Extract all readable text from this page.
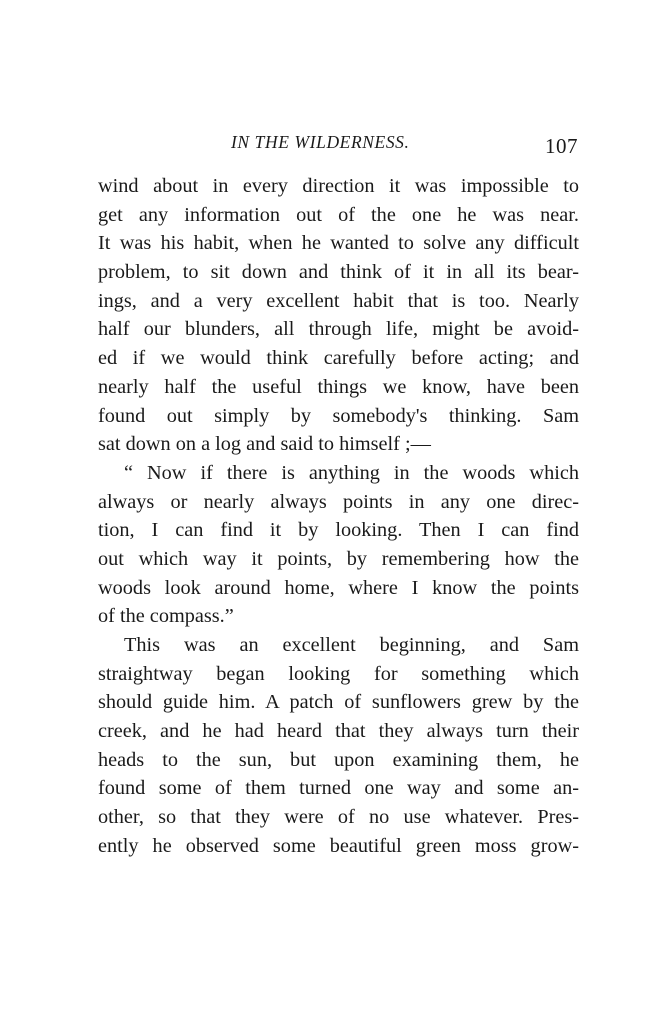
IN THE WILDERNESS.	107
wind about in every direction it was impossible to
get any information out of the one he was near.
It was his habit, when he wanted to solve any difficult
problem, to sit down and think of it in all its bear-
ings, and a very excellent habit that is too. Nearly
half our blunders, all through life, might be avoid-
ed if we would think carefully before acting; and
nearly half the useful things we know, have been
found out simply by somebody's thinking. Sam
sat down on a log and said to himself ;—
“ Now if there is anything in the woods which
always or nearly always points in any one direc-
tion, I can find it by looking. Then I can find
out which way it points, by remembering how the
woods look around home, where I know the points
of the compass.”
This was an excellent beginning, and Sam
straightway began looking for something which
should guide him. A patch of sunflowers grew by the
creek, and he had heard that they always turn their
heads to the sun, but upon examining them, he
found some of them turned one way and some an-
other, so that they were of no use whatever. Pres-
ently he observed some beautiful green moss grow-
